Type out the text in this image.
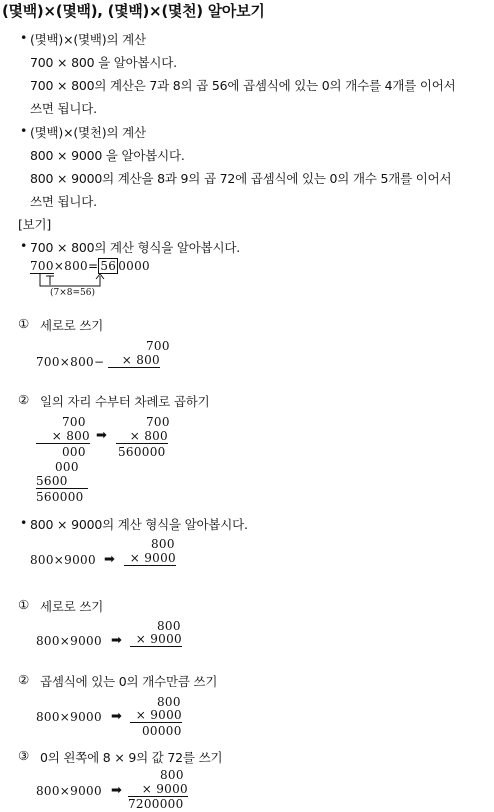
(몇백)×(몇백), (몇백)×(몇천) 알아보기
• (몇백)×(몇백)의 계산
700 × 800 을 알아봅시다.
700 × 800의 계산은 7과 8의 곱 56에 곱셈식에 있는 0의 개수를 4개를 이어서
쓰면 됩니다.
• (몇백)×(몇천)의 계산
800 × 9000 을 알아봅시다.
800 × 9000의 계산을 8과 9의 곱 72에 곱셈식에 있는 0의 개수 5개를 이어서
쓰면 됩니다.
[보기]
• 700 × 800의 계산 형식을 알아봅시다.
700×800= 56 0000
(7×8=56)
① 세로로 쓰기
700
700×800−	× 800
② 일의 자리 수부터 차례로 곱하기
700
× 800
000
000
5600
560000
➡
700
× 800
560000
• 800 × 9000의 계산 형식을 알아봅시다.
800
800×9000 ➡	× 9000
① 세로로 쓰기
800
800×9000 ➡	× 9000
② 곱셈식에 있는 0의 개수만큼 쓰기
800
800×9000 ➡	× 9000
00000
③ 0의 왼쪽에 8 × 9의 값 72를 쓰기
800
800×9000 ➡	× 9000
7200000
